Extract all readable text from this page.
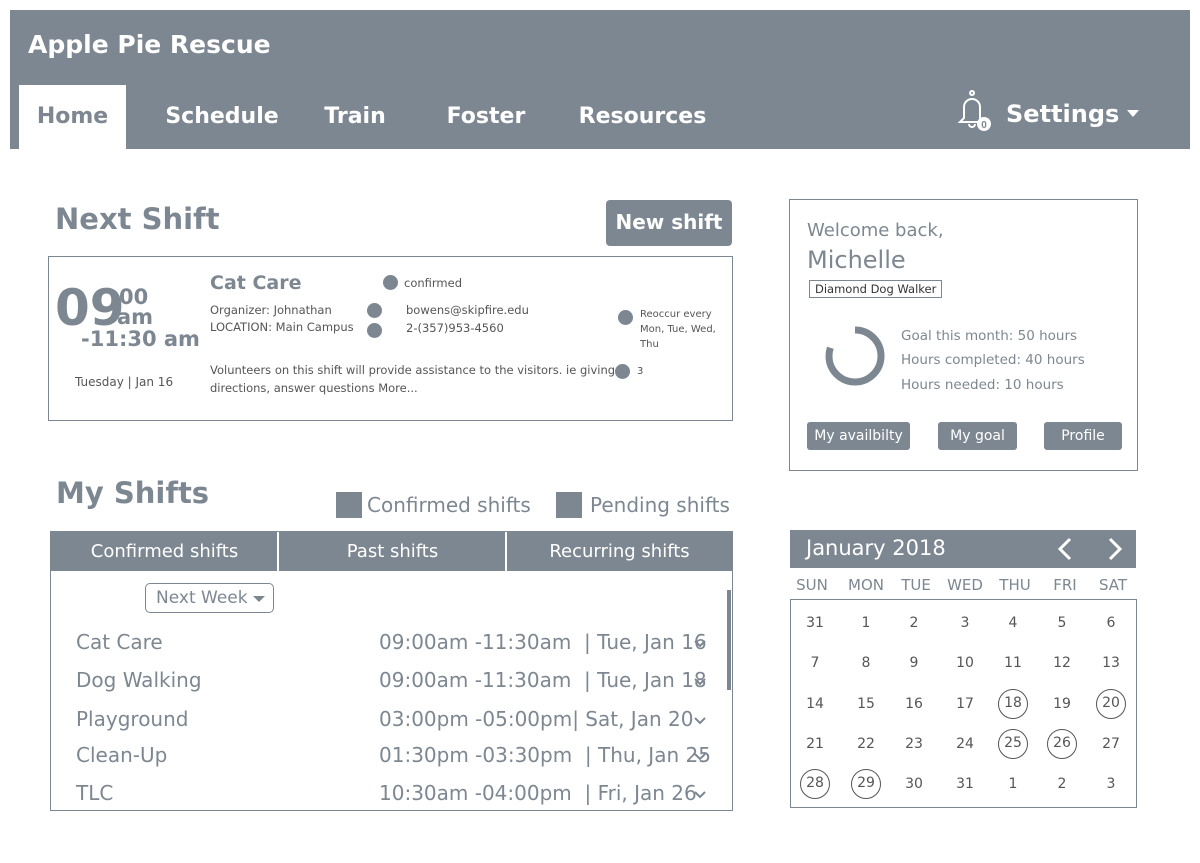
Apple Pie Rescue
Home	Schedule	Train	Foster	Resources	0 Settings
Next Shift	New shift
09
00
am
-11:30 am
Tuesday | Jan 16
Cat Care	confirmed
Organizer: Johnathan
LOCATION: Main Campus
bowens@skipfire.edu
2-(357)953-4560
Reoccur every
Mon, Tue, Wed,
Thu
Volunteers on this shift will provide assistance to the visitors. ie giving
directions, answer questions More...
3
Welcome back,
Michelle
Diamond Dog Walker
Goal this month: 50 hours
Hours completed: 40 hours
Hours needed: 10 hours
My availbilty	My goal	Profile
My Shifts	Confirmed shifts	Pending shifts
Confirmed shifts	Past shifts	Recurring shifts
Next Week
Cat Care	09:00am -11:30am  | Tue, Jan 16
Dog Walking	09:00am -11:30am  | Tue, Jan 18
Playground	03:00pm -05:00pm| Sat, Jan 20
Clean-Up	01:30pm -03:30pm  | Thu, Jan 25
TLC	10:30am -04:00pm  | Fri, Jan 26
January 2018
SUN MON	TUE	WED THU	FRI	SAT
31	1	2	3	4	5	6
7	8	9	10	11	12	13
14	15	16	17	18	19	20
21	22	23	24	25	26	27
28	29	30	31	1	2	3
